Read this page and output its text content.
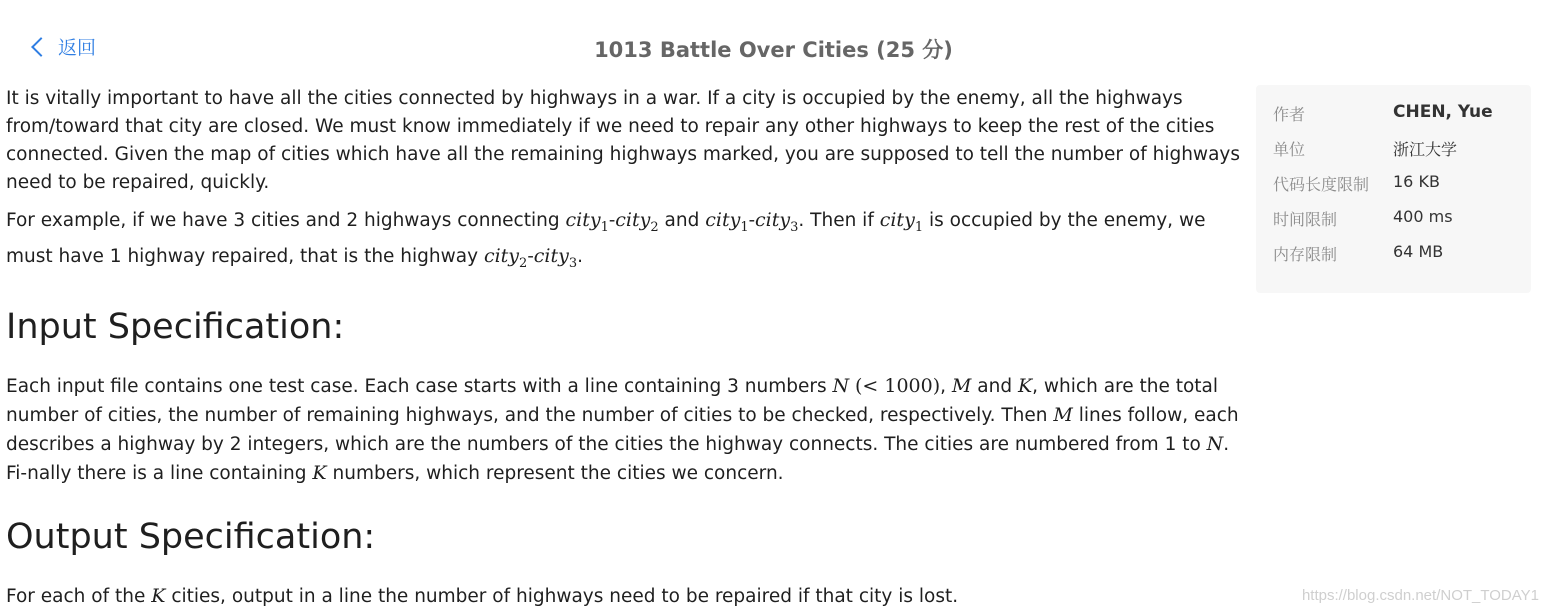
返回	1013 Battle Over Cities (25 分)

It is vitally important to have all the cities connected by highways in a war. If a city is occupied by the enemy, all the highways from/toward that city are closed. We must know immediately if we need to repair any other highways to keep the rest of the cities connected. Given the map of cities which have all the remaining highways marked, you are supposed to tell the number of highways need to be repaired, quickly.

For example, if we have 3 cities and 2 highways connecting city$_1$-city$_2$ and city$_1$-city$_3$. Then if city$_1$ is occupied by the enemy, we must have 1 highway repaired, that is the highway city$_2$-city$_3$.

Input Specification:

Each input file contains one test case. Each case starts with a line containing 3 numbers N (< 1000), M and K, which are the total number of cities, the number of remaining highways, and the number of cities to be checked, respectively. Then M lines follow, each describes a highway by 2 integers, which are the numbers of the cities the highway connects. The cities are numbered from 1 to N. Fi-nally there is a line containing K numbers, which represent the cities we concern.

Output Specification:

For each of the K cities, output in a line the number of highways need to be repaired if that city is lost.

作者	CHEN, Yue
单位	浙江大学
代码长度限制 16 KB
时间限制	400 ms
内存限制	64 MB
https://blog.csdn.net/NOT_TODAY1
